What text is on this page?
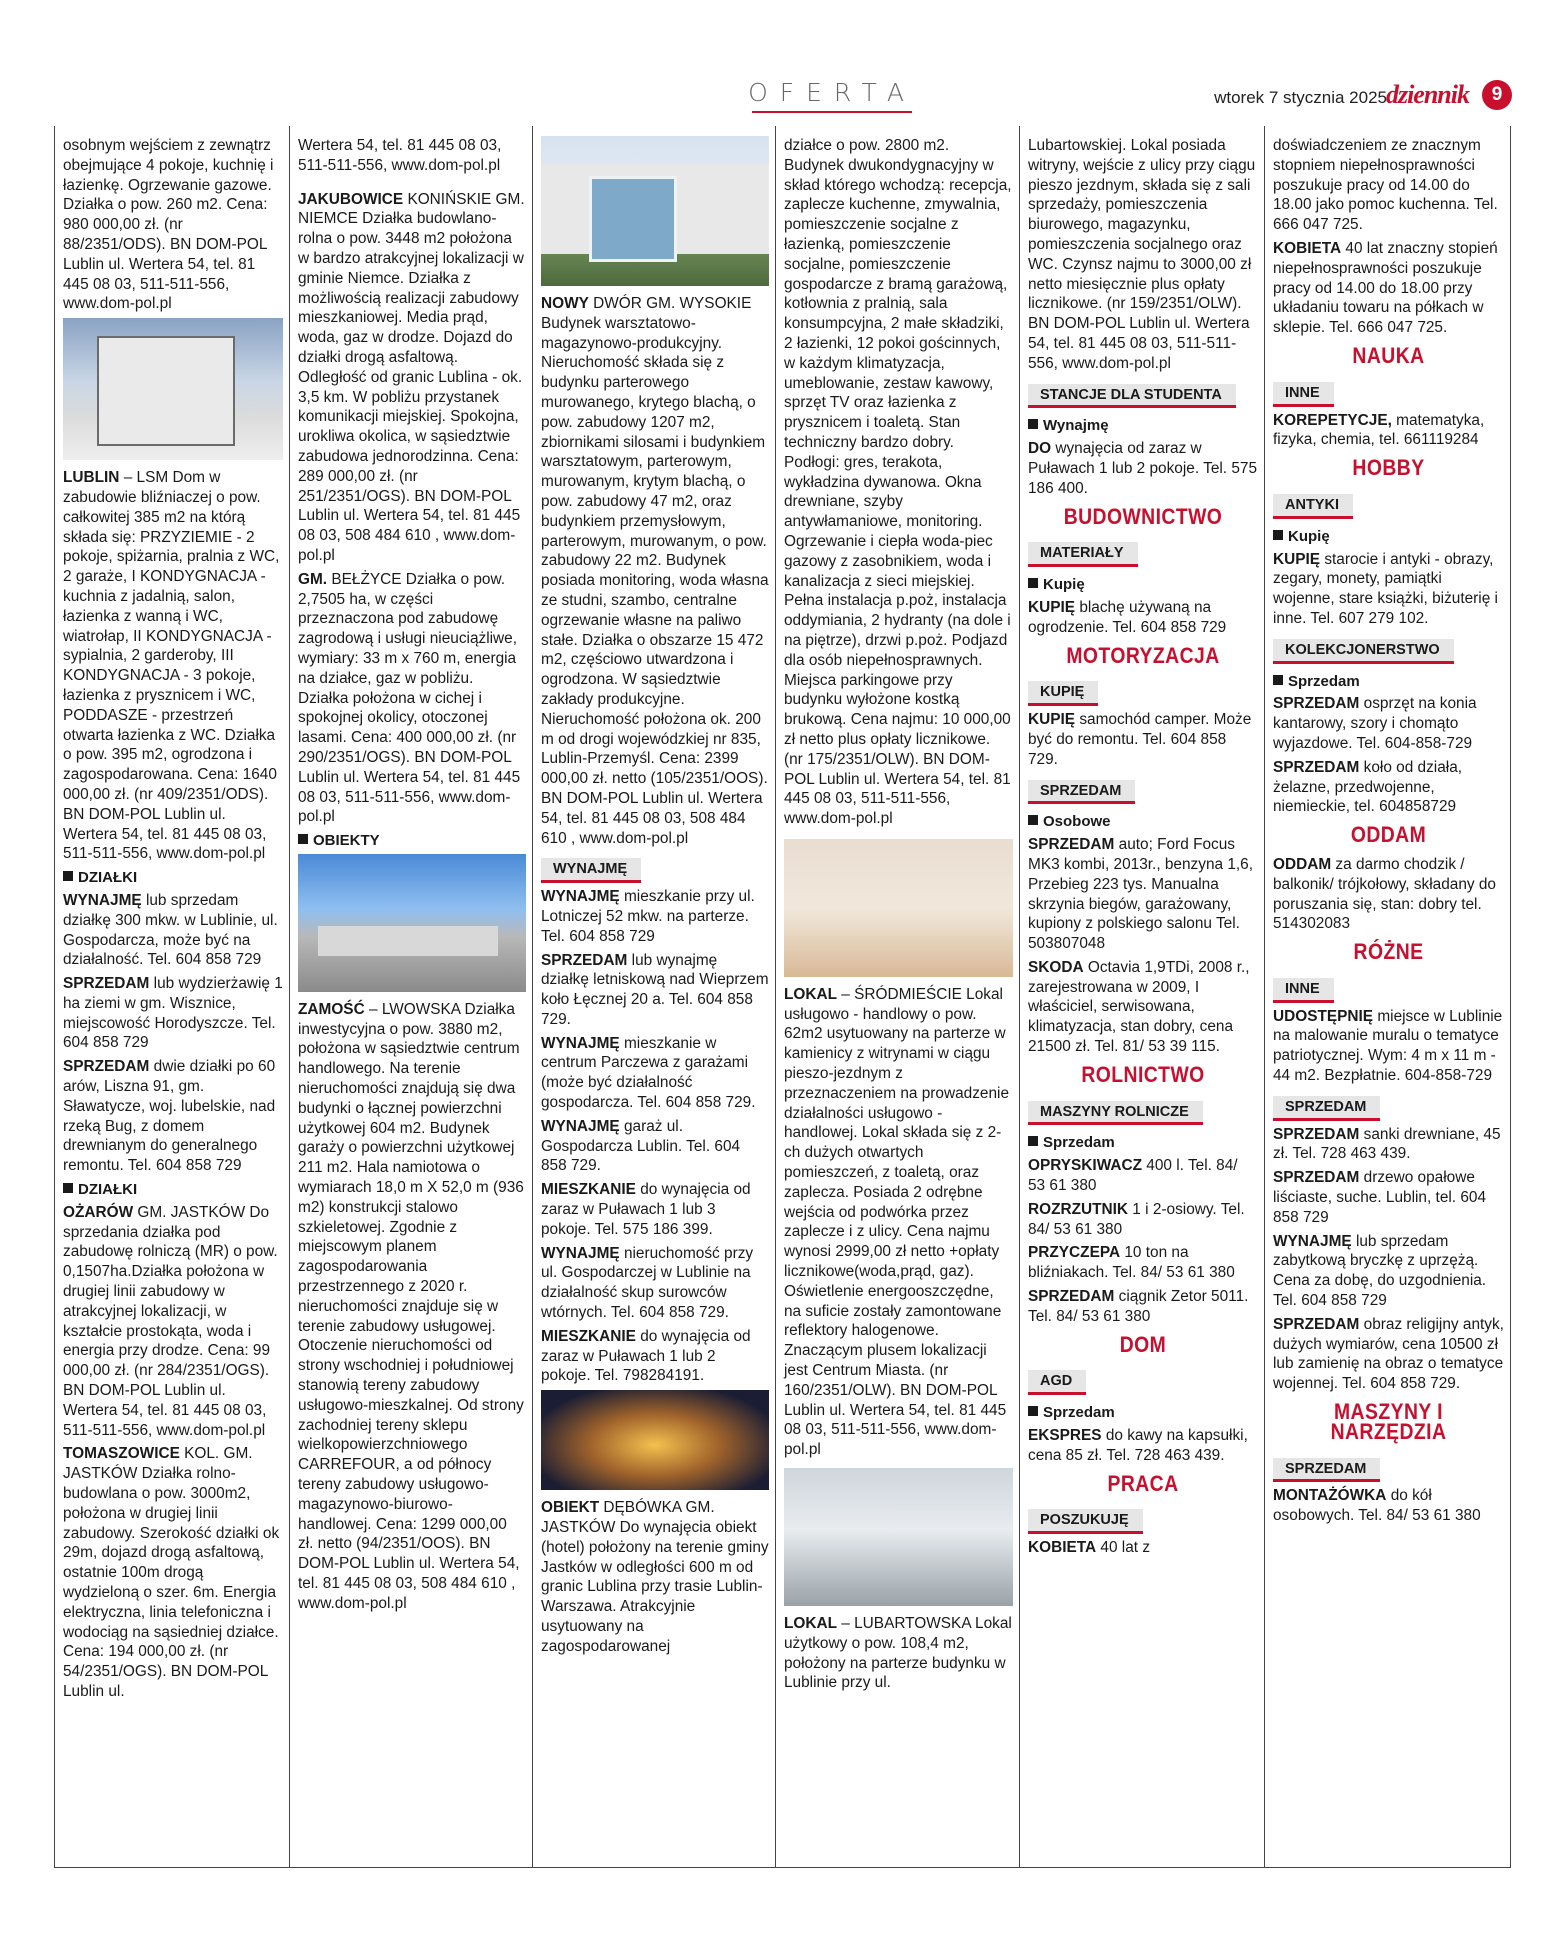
OFERTA	wtorek 7 stycznia 2025
dziennik	9

osobnym wejściem z zewnątrz obejmujące 4 pokoje, kuchnię i łazienkę. Ogrzewanie gazowe. Działka o pow. 260 m2. Cena: 980 000,00 zł. (nr 88/2351/ODS). BN DOM-POL Lublin ul. Wertera 54, tel. 81 445 08 03, 511-511-556, www.dom-pol.pl

LUBLIN – LSM Dom w zabudowie bliźniaczej o pow. całkowitej 385 m2 na którą składa się: PRZYZIEMIE - 2 pokoje, spiżarnia, pralnia z WC, 2 garaże, I KONDYGNACJA - kuchnia z jadalnią, salon, łazienka z wanną i WC, wiatrołap, II KONDYGNACJA - sypialnia, 2 garderoby, III KONDYGNACJA - 3 pokoje, łazienka z prysznicem i WC, PODDASZE - przestrzeń otwarta łazienka z WC. Działka o pow. 395 m2, ogrodzona i zagospodarowana. Cena: 1640 000,00 zł. (nr 409/2351/ODS). BN DOM-POL Lublin ul. Wertera 54, tel. 81 445 08 03, 511-511-556, www.dom-pol.pl

DZIAŁKI

WYNAJMĘ lub sprzedam działkę 300 mkw. w Lublinie, ul. Gospodarcza, może być na działalność. Tel. 604 858 729

SPRZEDAM lub wydzierżawię 1 ha ziemi w gm. Wisznice, miejscowość Horodyszcze. Tel. 604 858 729

SPRZEDAM dwie działki po 60 arów, Liszna 91, gm. Sławatycze, woj. lubelskie, nad rzeką Bug, z domem drewnianym do generalnego remontu. Tel. 604 858 729

DZIAŁKI

OŻARÓW GM. JASTKÓW Do sprzedania działka pod zabudowę rolniczą (MR) o pow. 0,1507ha.Działka położona w drugiej linii zabudowy w atrakcyjnej lokalizacji, w kształcie prostokąta, woda i energia przy drodze. Cena: 99 000,00 zł. (nr 284/2351/OGS). BN DOM-POL Lublin ul. Wertera 54, tel. 81 445 08 03, 511-511-556, www.dom-pol.pl

TOMASZOWICE KOL. GM. JASTKÓW Działka rolno-budowlana o pow. 3000m2, położona w drugiej linii zabudowy. Szerokość działki ok 29m, dojazd drogą asfaltową, ostatnie 100m drogą wydzieloną o szer. 6m. Energia elektryczna, linia telefoniczna i wodociąg na sąsiedniej działce. Cena: 194 000,00 zł. (nr 54/2351/OGS). BN DOM-POL Lublin ul.

Wertera 54, tel. 81 445 08 03, 511-511-556, www.dom-pol.pl

JAKUBOWICE KONIŃSKIE GM. NIEMCE Działka budowlano-rolna o pow. 3448 m2 położona w bardzo atrakcyjnej lokalizacji w gminie Niemce. Działka z możliwością realizacji zabudowy mieszkaniowej. Media prąd, woda, gaz w drodze. Dojazd do działki drogą asfaltową. Odległość od granic Lublina - ok. 3,5 km. W pobliżu przystanek komunikacji miejskiej. Spokojna, urokliwa okolica, w sąsiedztwie zabudowa jednorodzinna. Cena: 289 000,00 zł. (nr 251/2351/OGS). BN DOM-POL Lublin ul. Wertera 54, tel. 81 445 08 03, 508 484 610 , www.dom-pol.pl

GM. BEŁŻYCE Działka o pow. 2,7505 ha, w części przeznaczona pod zabudowę zagrodową i usługi nieuciążliwe, wymiary: 33 m x 760 m, energia na działce, gaz w pobliżu. Działka położona w cichej i spokojnej okolicy, otoczonej lasami. Cena: 400 000,00 zł. (nr 290/2351/OGS). BN DOM-POL Lublin ul. Wertera 54, tel. 81 445 08 03, 511-511-556, www.dom-pol.pl

OBIEKTY

ZAMOŚĆ – LWOWSKA Działka inwestycyjna o pow. 3880 m2, położona w sąsiedztwie centrum handlowego. Na terenie nieruchomości znajdują się dwa budynki o łącznej powierzchni użytkowej 604 m2. Budynek garaży o powierzchni użytkowej 211 m2. Hala namiotowa o wymiarach 18,0 m X 52,0 m (936 m2) konstrukcji stalowo szkieletowej. Zgodnie z miejscowym planem zagospodarowania przestrzennego z 2020 r. nieruchomości znajduje się w terenie zabudowy usługowej. Otoczenie nieruchomości od strony wschodniej i południowej stanowią tereny zabudowy usługowo-mieszkalnej. Od strony zachodniej tereny sklepu wielkopowierzchniowego CARREFOUR, a od północy tereny zabudowy usługowo-magazynowo-biurowo-handlowej. Cena: 1299 000,00 zł. netto (94/2351/OOS). BN DOM-POL Lublin ul. Wertera 54, tel. 81 445 08 03, 508 484 610 , www.dom-pol.pl

NOWY DWÓR GM. WYSOKIE Budynek warsztatowo-magazynowo-produkcyjny. Nieruchomość składa się z budynku parterowego murowanego, krytego blachą, o pow. zabudowy 1207 m2, zbiornikami silosami i budynkiem warsztatowym, parterowym, murowanym, krytym blachą, o pow. zabudowy 47 m2, oraz budynkiem przemysłowym, parterowym, murowanym, o pow. zabudowy 22 m2. Budynek posiada monitoring, woda własna ze studni, szambo, centralne ogrzewanie własne na paliwo stałe. Działka o obszarze 15 472 m2, częściowo utwardzona i ogrodzona. W sąsiedztwie zakłady produkcyjne. Nieruchomość położona ok. 200 m od drogi wojewódzkiej nr 835, Lublin-Przemyśl. Cena: 2399 000,00 zł. netto (105/2351/OOS). BN DOM-POL Lublin ul. Wertera 54, tel. 81 445 08 03, 508 484 610 , www.dom-pol.pl

WYNAJMĘ

WYNAJMĘ mieszkanie przy ul. Lotniczej 52 mkw. na parterze. Tel. 604 858 729

SPRZEDAM lub wynajmę działkę letniskową nad Wieprzem koło Łęcznej 20 a. Tel. 604 858 729.

WYNAJMĘ mieszkanie w centrum Parczewa z garażami (może być działalność gospodarcza. Tel. 604 858 729.

WYNAJMĘ garaż ul. Gospodarcza Lublin. Tel. 604 858 729.

MIESZKANIE do wynajęcia od zaraz w Puławach 1 lub 3 pokoje. Tel. 575 186 399.

WYNAJMĘ nieruchomość przy ul. Gospodarczej w Lublinie na działalność skup surowców wtórnych. Tel. 604 858 729.

MIESZKANIE do wynajęcia od zaraz w Puławach 1 lub 2 pokoje. Tel. 798284191.

OBIEKT DĘBÓWKA GM. JASTKÓW Do wynajęcia obiekt (hotel) położony na terenie gminy Jastków w odległości 600 m od granic Lublina przy trasie Lublin-Warszawa. Atrakcyjnie usytuowany na zagospodarowanej

działce o pow. 2800 m2. Budynek dwukondygnacyjny w skład którego wchodzą: recepcja, zaplecze kuchenne, zmywalnia, pomieszczenie socjalne z łazienką, pomieszczenie socjalne, pomieszczenie gospodarcze z bramą garażową, kotłownia z pralnią, sala konsumpcyjna, 2 małe składziki, 2 łazienki, 12 pokoi gościnnych, w każdym klimatyzacja, umeblowanie, zestaw kawowy, sprzęt TV oraz łazienka z prysznicem i toaletą. Stan techniczny bardzo dobry. Podłogi: gres, terakota, wykładzina dywanowa. Okna drewniane, szyby antywłamaniowe, monitoring. Ogrzewanie i ciepła woda-piec gazowy z zasobnikiem, woda i kanalizacja z sieci miejskiej. Pełna instalacja p.poż, instalacja oddymiania, 2 hydranty (na dole i na piętrze), drzwi p.poż. Podjazd dla osób niepełnosprawnych. Miejsca parkingowe przy budynku wyłożone kostką brukową. Cena najmu: 10 000,00 zł netto plus opłaty licznikowe. (nr 175/2351/OLW). BN DOM-POL Lublin ul. Wertera 54, tel. 81 445 08 03, 511-511-556, www.dom-pol.pl

LOKAL – ŚRÓDMIEŚCIE Lokal usługowo - handlowy o pow. 62m2 usytuowany na parterze w kamienicy z witrynami w ciągu pieszo-jezdnym z przeznaczeniem na prowadzenie działalności usługowo - handlowej. Lokal składa się z 2-ch dużych otwartych pomieszczeń, z toaletą, oraz zaplecza. Posiada 2 odrębne wejścia od podwórka przez zaplecze i z ulicy. Cena najmu wynosi 2999,00 zł netto +opłaty licznikowe(woda,prąd, gaz). Oświetlenie energooszczędne, na suficie zostały zamontowane reflektory halogenowe. Znaczącym plusem lokalizacji jest Centrum Miasta. (nr 160/2351/OLW). BN DOM-POL Lublin ul. Wertera 54, tel. 81 445 08 03, 511-511-556, www.dom-pol.pl

LOKAL – LUBARTOWSKA Lokal użytkowy o pow. 108,4 m2, położony na parterze budynku w Lublinie przy ul.

Lubartowskiej. Lokal posiada witryny, wejście z ulicy przy ciągu pieszo jezdnym, składa się z sali sprzedaży, pomieszczenia biurowego, magazynku, pomieszczenia socjalnego oraz WC. Czynsz najmu to 3000,00 zł netto miesięcznie plus opłaty licznikowe. (nr 159/2351/OLW). BN DOM-POL Lublin ul. Wertera 54, tel. 81 445 08 03, 511-511-556, www.dom-pol.pl

STANCJE DLA STUDENTA
Wynajmę

DO wynajęcia od zaraz w Puławach 1 lub 2 pokoje. Tel. 575 186 400.

BUDOWNICTWO
MATERIAŁY
Kupię

KUPIĘ blachę używaną na ogrodzenie. Tel. 604 858 729

MOTORYZACJA
KUPIĘ

KUPIĘ samochód camper. Może być do remontu. Tel. 604 858 729.

SPRZEDAM
Osobowe

SPRZEDAM auto; Ford Focus MK3 kombi, 2013r., benzyna 1,6, Przebieg 223 tys. Manualna skrzynia biegów, garażowany, kupiony z polskiego salonu Tel. 503807048

SKODA Octavia 1,9TDi, 2008 r., zarejestrowana w 2009, I właściciel, serwisowana, klimatyzacja, stan dobry, cena 21500 zł. Tel. 81/ 53 39 115.

ROLNICTWO
MASZYNY ROLNICZE
Sprzedam

OPRYSKIWACZ 400 l. Tel. 84/ 53 61 380

ROZRZUTNIK 1 i 2-osiowy. Tel. 84/ 53 61 380

PRZYCZEPA 10 ton na bliźniakach. Tel. 84/ 53 61 380

SPRZEDAM ciągnik Zetor 5011. Tel. 84/ 53 61 380

DOM
AGD
Sprzedam

EKSPRES do kawy na kapsułki, cena 85 zł. Tel. 728 463 439.

PRACA
POSZUKUJĘ

KOBIETA 40 lat z

doświadczeniem ze znacznym stopniem niepełnosprawności poszukuje pracy od 14.00 do 18.00 jako pomoc kuchenna. Tel. 666 047 725.

KOBIETA 40 lat znaczny stopień niepełnosprawności poszukuje pracy od 14.00 do 18.00 przy układaniu towaru na półkach w sklepie. Tel. 666 047 725.

NAUKA
INNE

KOREPETYCJE, matematyka, fizyka, chemia, tel. 661119284

HOBBY
ANTYKI
Kupię

KUPIĘ starocie i antyki - obrazy, zegary, monety, pamiątki wojenne, stare książki, biżuterię i inne. Tel. 607 279 102.

KOLEKCJONERSTWO
Sprzedam

SPRZEDAM osprzęt na konia kantarowy, szory i chomąto wyjazdowe. Tel. 604-858-729

SPRZEDAM koło od działa, żelazne, przedwojenne, niemieckie, tel. 604858729

ODDAM

ODDAM za darmo chodzik / balkonik/ trójkołowy, składany do poruszania się, stan: dobry tel. 514302083

RÓŻNE
INNE

UDOSTĘPNIĘ miejsce w Lublinie na malowanie muralu o tematyce patriotycznej. Wym: 4 m x 11 m - 44 m2. Bezpłatnie. 604-858-729

SPRZEDAM

SPRZEDAM sanki drewniane, 45 zł. Tel. 728 463 439.

SPRZEDAM drzewo opałowe liściaste, suche. Lublin, tel. 604 858 729

WYNAJMĘ lub sprzedam zabytkową bryczkę z uprzężą. Cena za dobę, do uzgodnienia. Tel. 604 858 729

SPRZEDAM obraz religijny antyk, dużych wymiarów, cena 10500 zł lub zamienię na obraz o tematyce wojennej. Tel. 604 858 729.

MASZYNY I NARZĘDZIA
SPRZEDAM

MONTAŻÓWKA do kół osobowych. Tel. 84/ 53 61 380
